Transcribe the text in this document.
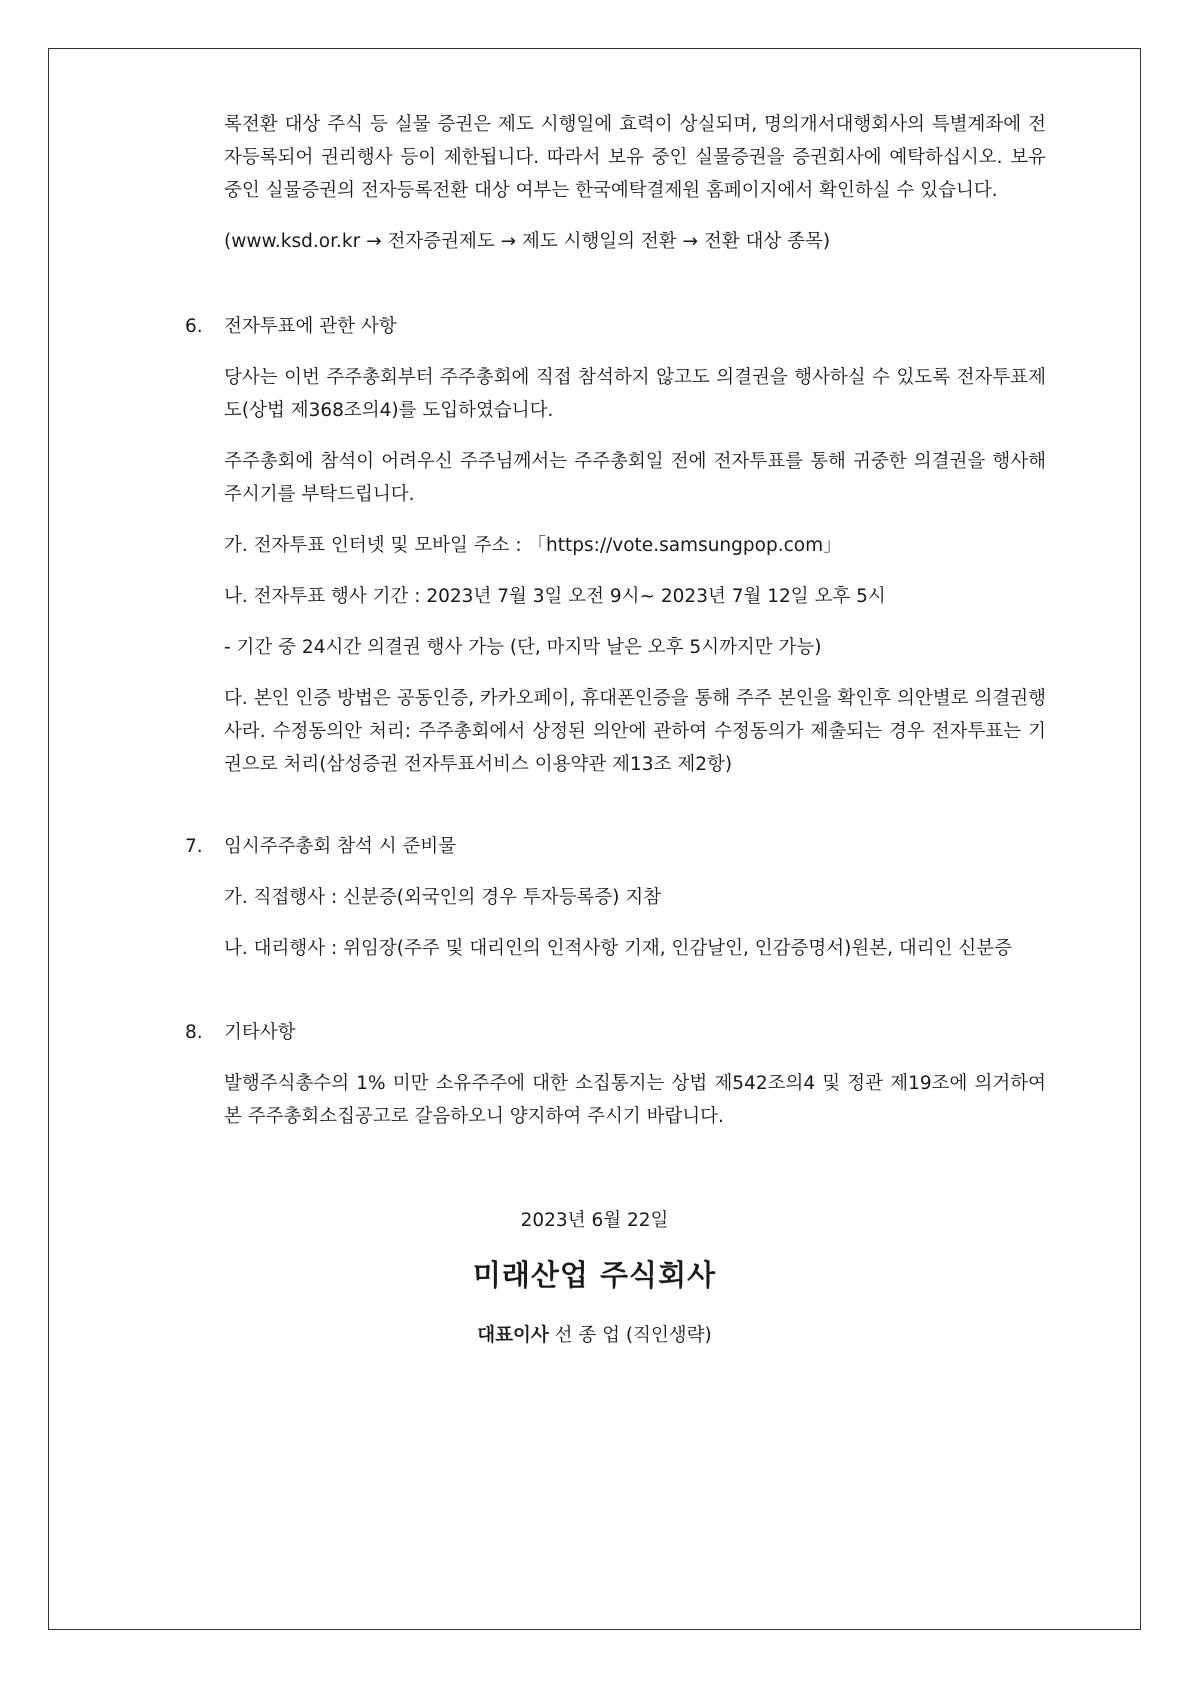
록전환 대상 주식 등 실물 증권은 제도 시행일에 효력이 상실되며, 명의개서대행회사의 특별계좌에 전자등록되어 권리행사 등이 제한됩니다. 따라서 보유 중인 실물증권을 증권회사에 예탁하십시오. 보유 중인 실물증권의 전자등록전환 대상 여부는 한국예탁결제원 홈페이지에서 확인하실 수 있습니다.

(www.ksd.or.kr → 전자증권제도 → 제도 시행일의 전환 → 전환 대상 종목)

6. 전자투표에 관한 사항

당사는 이번 주주총회부터 주주총회에 직접 참석하지 않고도 의결권을 행사하실 수 있도록 전자투표제도(상법 제368조의4)를 도입하였습니다.

주주총회에 참석이 어려우신 주주님께서는 주주총회일 전에 전자투표를 통해 귀중한 의결권을 행사해주시기를 부탁드립니다.

가. 전자투표 인터넷 및 모바일 주소 : 「https://vote.samsungpop.com」

나. 전자투표 행사 기간 : 2023년 7월 3일 오전 9시~ 2023년 7월 12일 오후 5시

- 기간 중 24시간 의결권 행사 가능 (단, 마지막 날은 오후 5시까지만 가능)

다. 본인 인증 방법은 공동인증, 카카오페이, 휴대폰인증을 통해 주주 본인을 확인후 의안별로 의결권행사라. 수정동의안 처리: 주주총회에서 상정된 의안에 관하여 수정동의가 제출되는 경우 전자투표는 기권으로 처리(삼성증권 전자투표서비스 이용약관 제13조 제2항)

7. 임시주주총회 참석 시 준비물

가. 직접행사 : 신분증(외국인의 경우 투자등록증) 지참

나. 대리행사 : 위임장(주주 및 대리인의 인적사항 기재, 인감날인, 인감증명서)원본, 대리인 신분증

8. 기타사항

발행주식총수의 1% 미만 소유주주에 대한 소집통지는 상법 제542조의4 및 정관 제19조에 의거하여 본 주주총회소집공고로 갈음하오니 양지하여 주시기 바랍니다.

2023년 6월 22일
미래산업 주식회사
대표이사 선 종 업 (직인생략)
